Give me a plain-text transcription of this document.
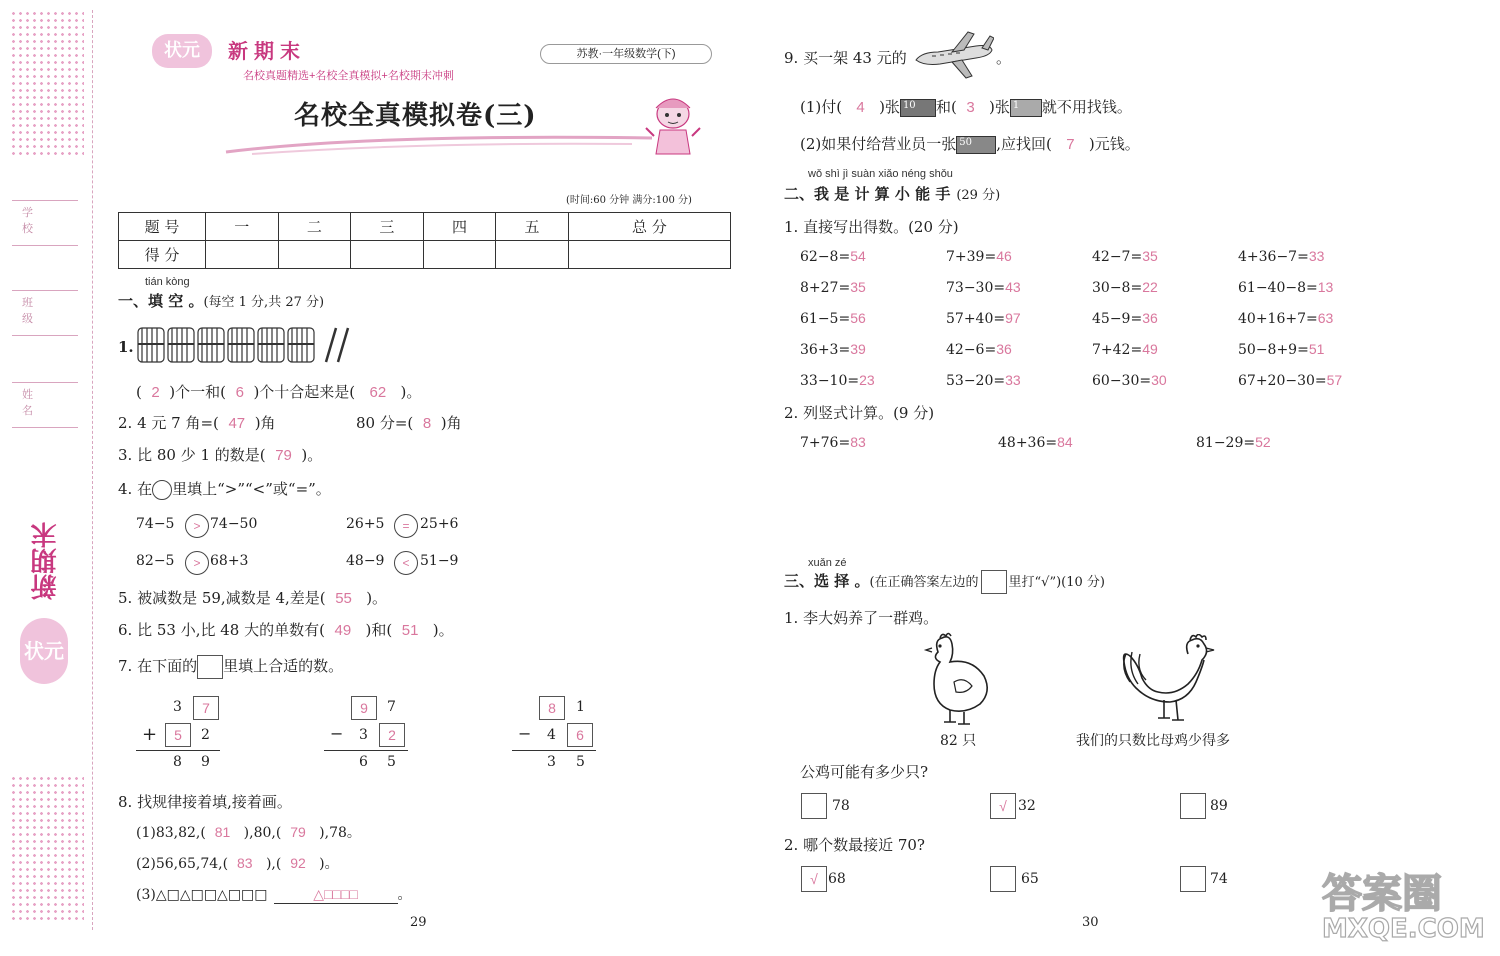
学 校
班 级
姓 名
新期末
状元
状元	新期末
名校真题精选+名校全真模拟+名校期末冲刺
苏教·一年级数学(下)
名校全真模拟卷(三)
(时间:60 分钟 满分:100 分)
题 号	一	二	三	四	五	总 分
得 分						
tián kòng
一、填 空 。(每空 1 分,共 27 分)
1.
( 2 )个一和( 6 )个十合起来是( 62 )。
2. 4 元 7 角=( 47 )角	80 分=( 8 )角
3. 比 80 少 1 的数是( 79 )。
4. 在 里填上“>”“<”或“=”。
74−5	> 74−50	26+5	= 25+6
82−5	> 68+3	48−9	< 51−9
5. 被减数是 59,减数是 4,差是( 55 )。
6. 比 53 小,比 48 大的单数有( 49 )和( 51 )。
7. 在下面的 里填上合适的数。
3	7
+	5	2
8 9
9	7
− 3	2
6 5
8	1
− 4	6
3 5
8. 找规律接着填,接着画。
(1)83,82,( 81 ),80,( 79 ),78。
(2)56,65,74,( 83 ),( 92 )。
(3)△□△□□△□□□	△□□□□	。
29
9. 买一架 43 元的	。
(1)付( 4 )张 10 和( 3 )张 1 就不用找钱。
(2)如果付给营业员一张 50 ,应找回( 7 )元钱。
wǒ shì jì suàn xiǎo néng shǒu
二、我 是 计 算 小 能 手 (29 分)
1. 直接写出得数。(20 分)
62−8=54	7+39=46	42−7=35	4+36−7=33
8+27=35	73−30=43	30−8=22	61−40−8=13
61−5=56	57+40=97	45−9=36	40+16+7=63
36+3=39	42−6=36	7+42=49	50−8+9=51
33−10=23	53−20=33	60−30=30	67+20−30=57
2. 列竖式计算。(9 分)
7+76=83	48+36=84	81−29=52
xuǎn zé
三、选 择 。(在正确答案左边的 里打“√”)(10 分)
1. 李大妈养了一群鸡。
82 只	我们的只数比母鸡少得多
公鸡可能有多少只?
78	√ 32	89
2. 哪个数最接近 70?
√ 68	65	74
30
答案圈
MXQE.COM
